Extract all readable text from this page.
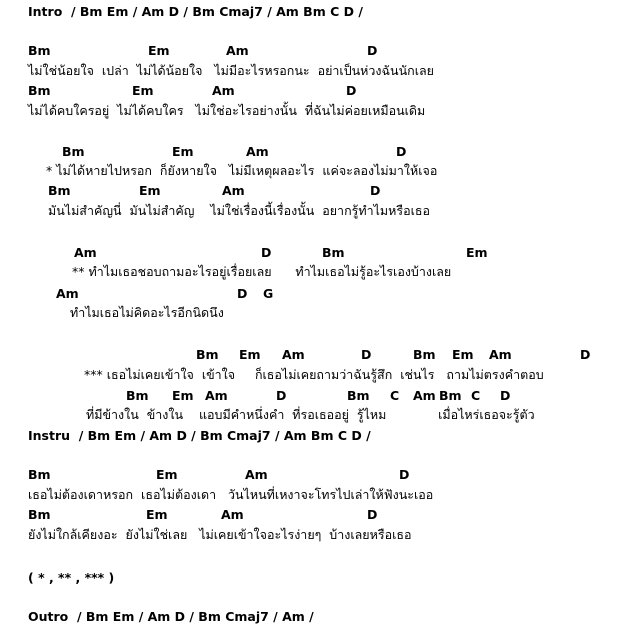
Intro  / Bm Em / Am D / Bm Cmaj7 / Am Bm C D /
Bm	Em	Am	D
ไม่ใช่น้อยใจ  เปล่า  ไม่ได้น้อยใจ   ไม่มีอะไรหรอกนะ  อย่าเป็นห่วงฉันนักเลย
Bm	Em	Am	D
ไม่ได้คบใครอยู่  ไม่ได้คบใคร   ไม่ใช่อะไรอย่างนั้น  ที่ฉันไม่ค่อยเหมือนเดิม
Bm	Em	Am	D
* ไม่ได้หายไปหรอก  ก็ยังหายใจ   ไม่มีเหตุผลอะไร  แค่จะลองไม่มาให้เจอ
Bm	Em	Am	D
มันไม่สำคัญนี่  มันไม่สำคัญ    ไม่ใช่เรื่องนี้เรื่องนั้น  อยากรู้ทำไมหรือเธอ
Am	D	Bm	Em
** ทำไมเธอชอบถามอะไรอยู่เรื่อยเลย      ทำไมเธอไม่รู้อะไรเองบ้างเลย
Am	D G
ทำไมเธอไม่คิดอะไรอีกนิดนึง
Bm Em Am	D	Bm Em Am	D
*** เธอไม่เคยเข้าใจ  เข้าใจ     ก็เธอไม่เคยถามว่าฉันรู้สึก  เช่นไร   ถามไม่ตรงคำตอบ
Bm Em Am	D	Bm C Am Bm C D
ที่มีข้างใน  ข้างใน    แอบมีคำหนึ่งคำ  ที่รอเธออยู่  รู้ไหม             เมื่อไหร่เธอจะรู้ตัว
Instru  / Bm Em / Am D / Bm Cmaj7 / Am Bm C D /
Bm	Em	Am	D
เธอไม่ต้องเดาหรอก  เธอไม่ต้องเดา   วันไหนที่เหงาจะโทรไปเล่าให้ฟังนะเออ
Bm	Em	Am	D
ยังไม่ใกล้เคียงอะ  ยังไม่ใช่เลย   ไม่เคยเข้าใจอะไรง่ายๆ  บ้างเลยหรือเธอ
( * , ** , *** )
Outro  / Bm Em / Am D / Bm Cmaj7 / Am /
